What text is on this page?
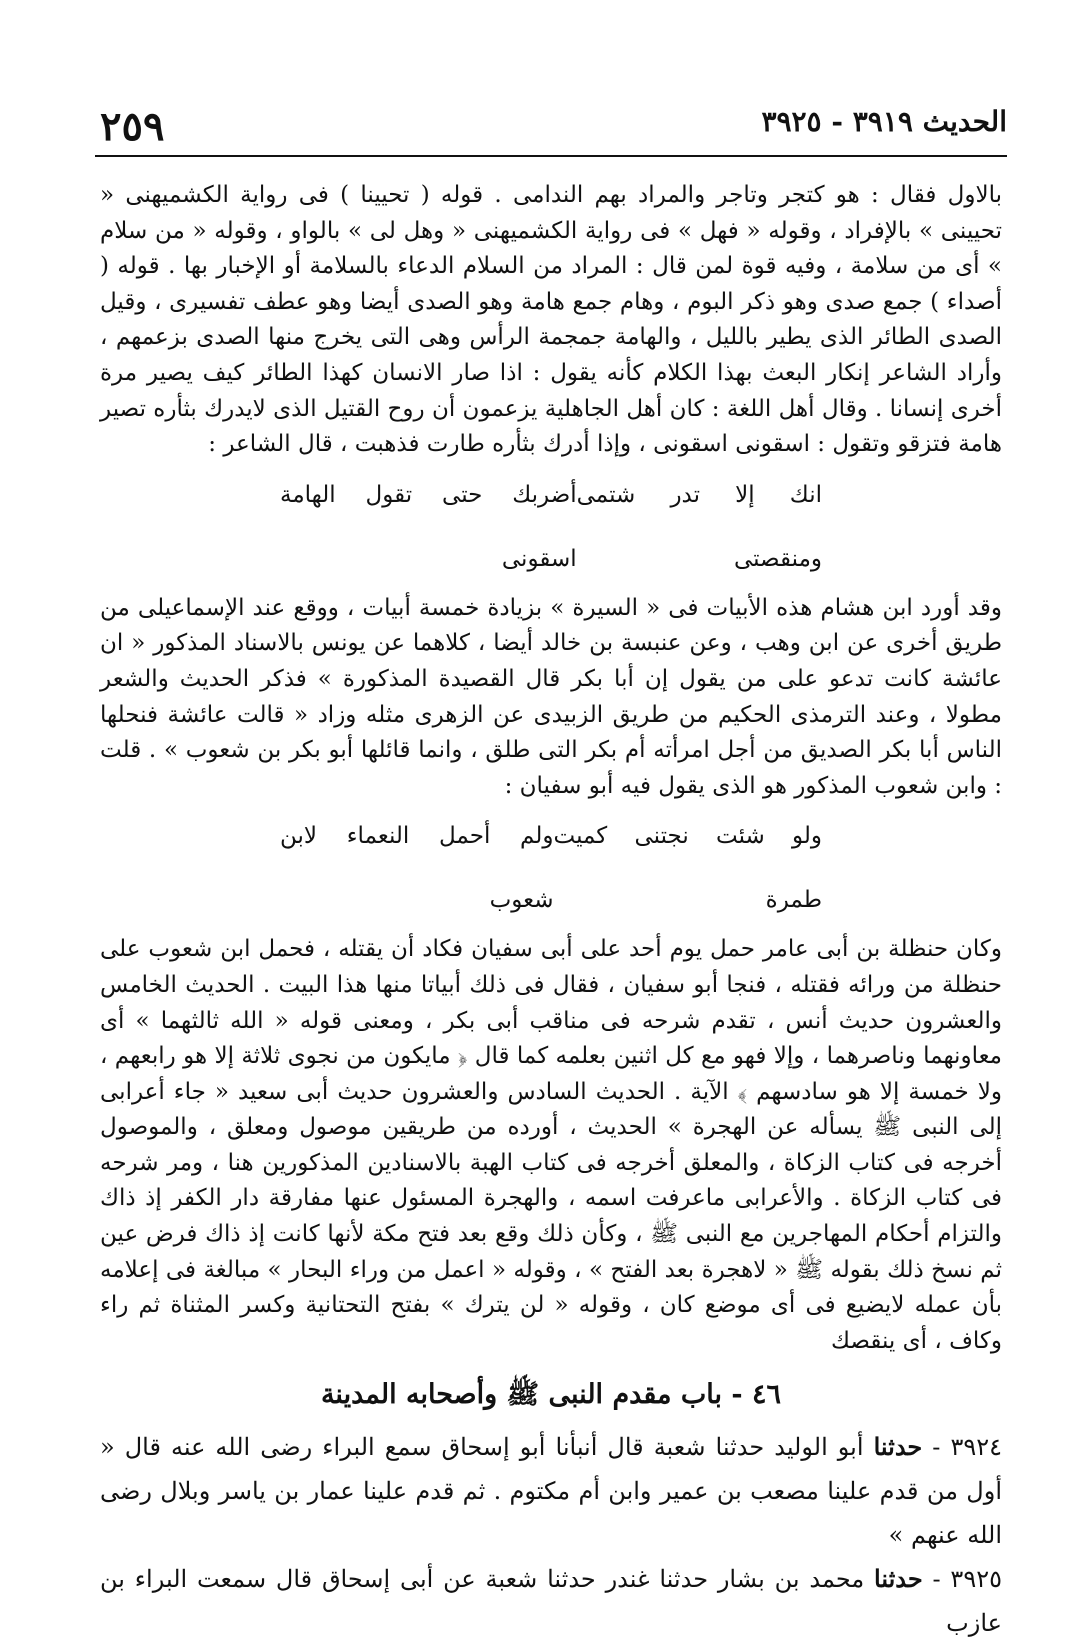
٢٥٩	الحديث ٣٩١٩ - ٣٩٢٥

بالاول فقال : هو كتجر وتاجر والمراد بهم الندامى . قوله ( تحيينا ) فى رواية الكشميهنى « تحيينى » بالإفراد ، وقوله « فهل » فى رواية الكشميهنى « وهل لى » بالواو ، وقوله « من سلام » أى من سلامة ، وفيه قوة لمن قال : المراد من السلام الدعاء بالسلامة أو الإخبار بها . قوله ( أصداء ) جمع صدى وهو ذكر البوم ، وهام جمع هامة وهو الصدى أيضا وهو عطف تفسيرى ، وقيل الصدى الطائر الذى يطير بالليل ، والهامة جمجمة الرأس وهى التى يخرج منها الصدى بزعمهم ، وأراد الشاعر إنكار البعث بهذا الكلام كأنه يقول : اذا صار الانسان كهذا الطائر كيف يصير مرة أخرى إنسانا . وقال أهل اللغة : كان أهل الجاهلية يزعمون أن روح القتيل الذى لايدرك بثأره تصير هامة فتزقو وتقول : اسقونى اسقونى ، وإذا أدرك بثأره طارت فذهبت ، قال الشاعر :

انك إلا تدر شتمى ومنقصتى
أضربك حتى تقول الهامة اسقونى

وقد أورد ابن هشام هذه الأبيات فى « السيرة » بزيادة خمسة أبيات ، ووقع عند الإسماعيلى من طريق أخرى عن ابن وهب ، وعن عنبسة بن خالد أيضا ، كلاهما عن يونس بالاسناد المذكور « ان عائشة كانت تدعو على من يقول إن أبا بكر قال القصيدة المذكورة » فذكر الحديث والشعر مطولا ، وعند الترمذى الحكيم من طريق الزبيدى عن الزهرى مثله وزاد « قالت عائشة فنحلها الناس أبا بكر الصديق من أجل امرأته أم بكر التى طلق ، وانما قائلها أبو بكر بن شعوب » . قلت : وابن شعوب المذكور هو الذى يقول فيه أبو سفيان :

ولو شئت نجتنى كميت طمرة
ولم أحمل النعماء لابن شعوب

وكان حنظلة بن أبى عامر حمل يوم أحد على أبى سفيان فكاد أن يقتله ، فحمل ابن شعوب على حنظلة من ورائه فقتله ، فنجا أبو سفيان ، فقال فى ذلك أبياتا منها هذا البيت . الحديث الخامس والعشرون حديث أنس ، تقدم شرحه فى مناقب أبى بكر ، ومعنى قوله « الله ثالثهما » أى معاونهما وناصرهما ، وإلا فهو مع كل اثنين بعلمه كما قال ﴿ مايكون من نجوى ثلاثة إلا هو رابعهم ، ولا خمسة إلا هو سادسهم ﴾ الآية . الحديث السادس والعشرون حديث أبى سعيد « جاء أعرابى إلى النبى ﷺ يسأله عن الهجرة » الحديث ، أورده من طريقين موصول ومعلق ، والموصول أخرجه فى كتاب الزكاة ، والمعلق أخرجه فى كتاب الهبة بالاسنادين المذكورين هنا ، ومر شرحه فى كتاب الزكاة . والأعرابى ماعرفت اسمه ، والهجرة المسئول عنها مفارقة دار الكفر إذ ذاك والتزام أحكام المهاجرين مع النبى ﷺ ، وكأن ذلك وقع بعد فتح مكة لأنها كانت إذ ذاك فرض عين ثم نسخ ذلك بقوله ﷺ « لاهجرة بعد الفتح » ، وقوله « اعمل من وراء البحار » مبالغة فى إعلامه بأن عمله لايضيع فى أى موضع كان ، وقوله « لن يترك » بفتح التحتانية وكسر المثناة ثم راء وكاف ، أى ينقصك

٤٦ - باب مقدم النبى ﷺ وأصحابه المدينة

٣٩٢٤ - حدثنا أبو الوليد حدثنا شعبة قال أنبأنا أبو إسحاق سمع البراء رضى الله عنه قال « أول من قدم علينا مصعب بن عمير وابن أم مكتوم . ثم قدم علينا عمار بن ياسر وبلال رضى الله عنهم »

٣٩٢٥ - حدثنا محمد بن بشار حدثنا غندر حدثنا شعبة عن أبى إسحاق قال سمعت البراء بن عازب
